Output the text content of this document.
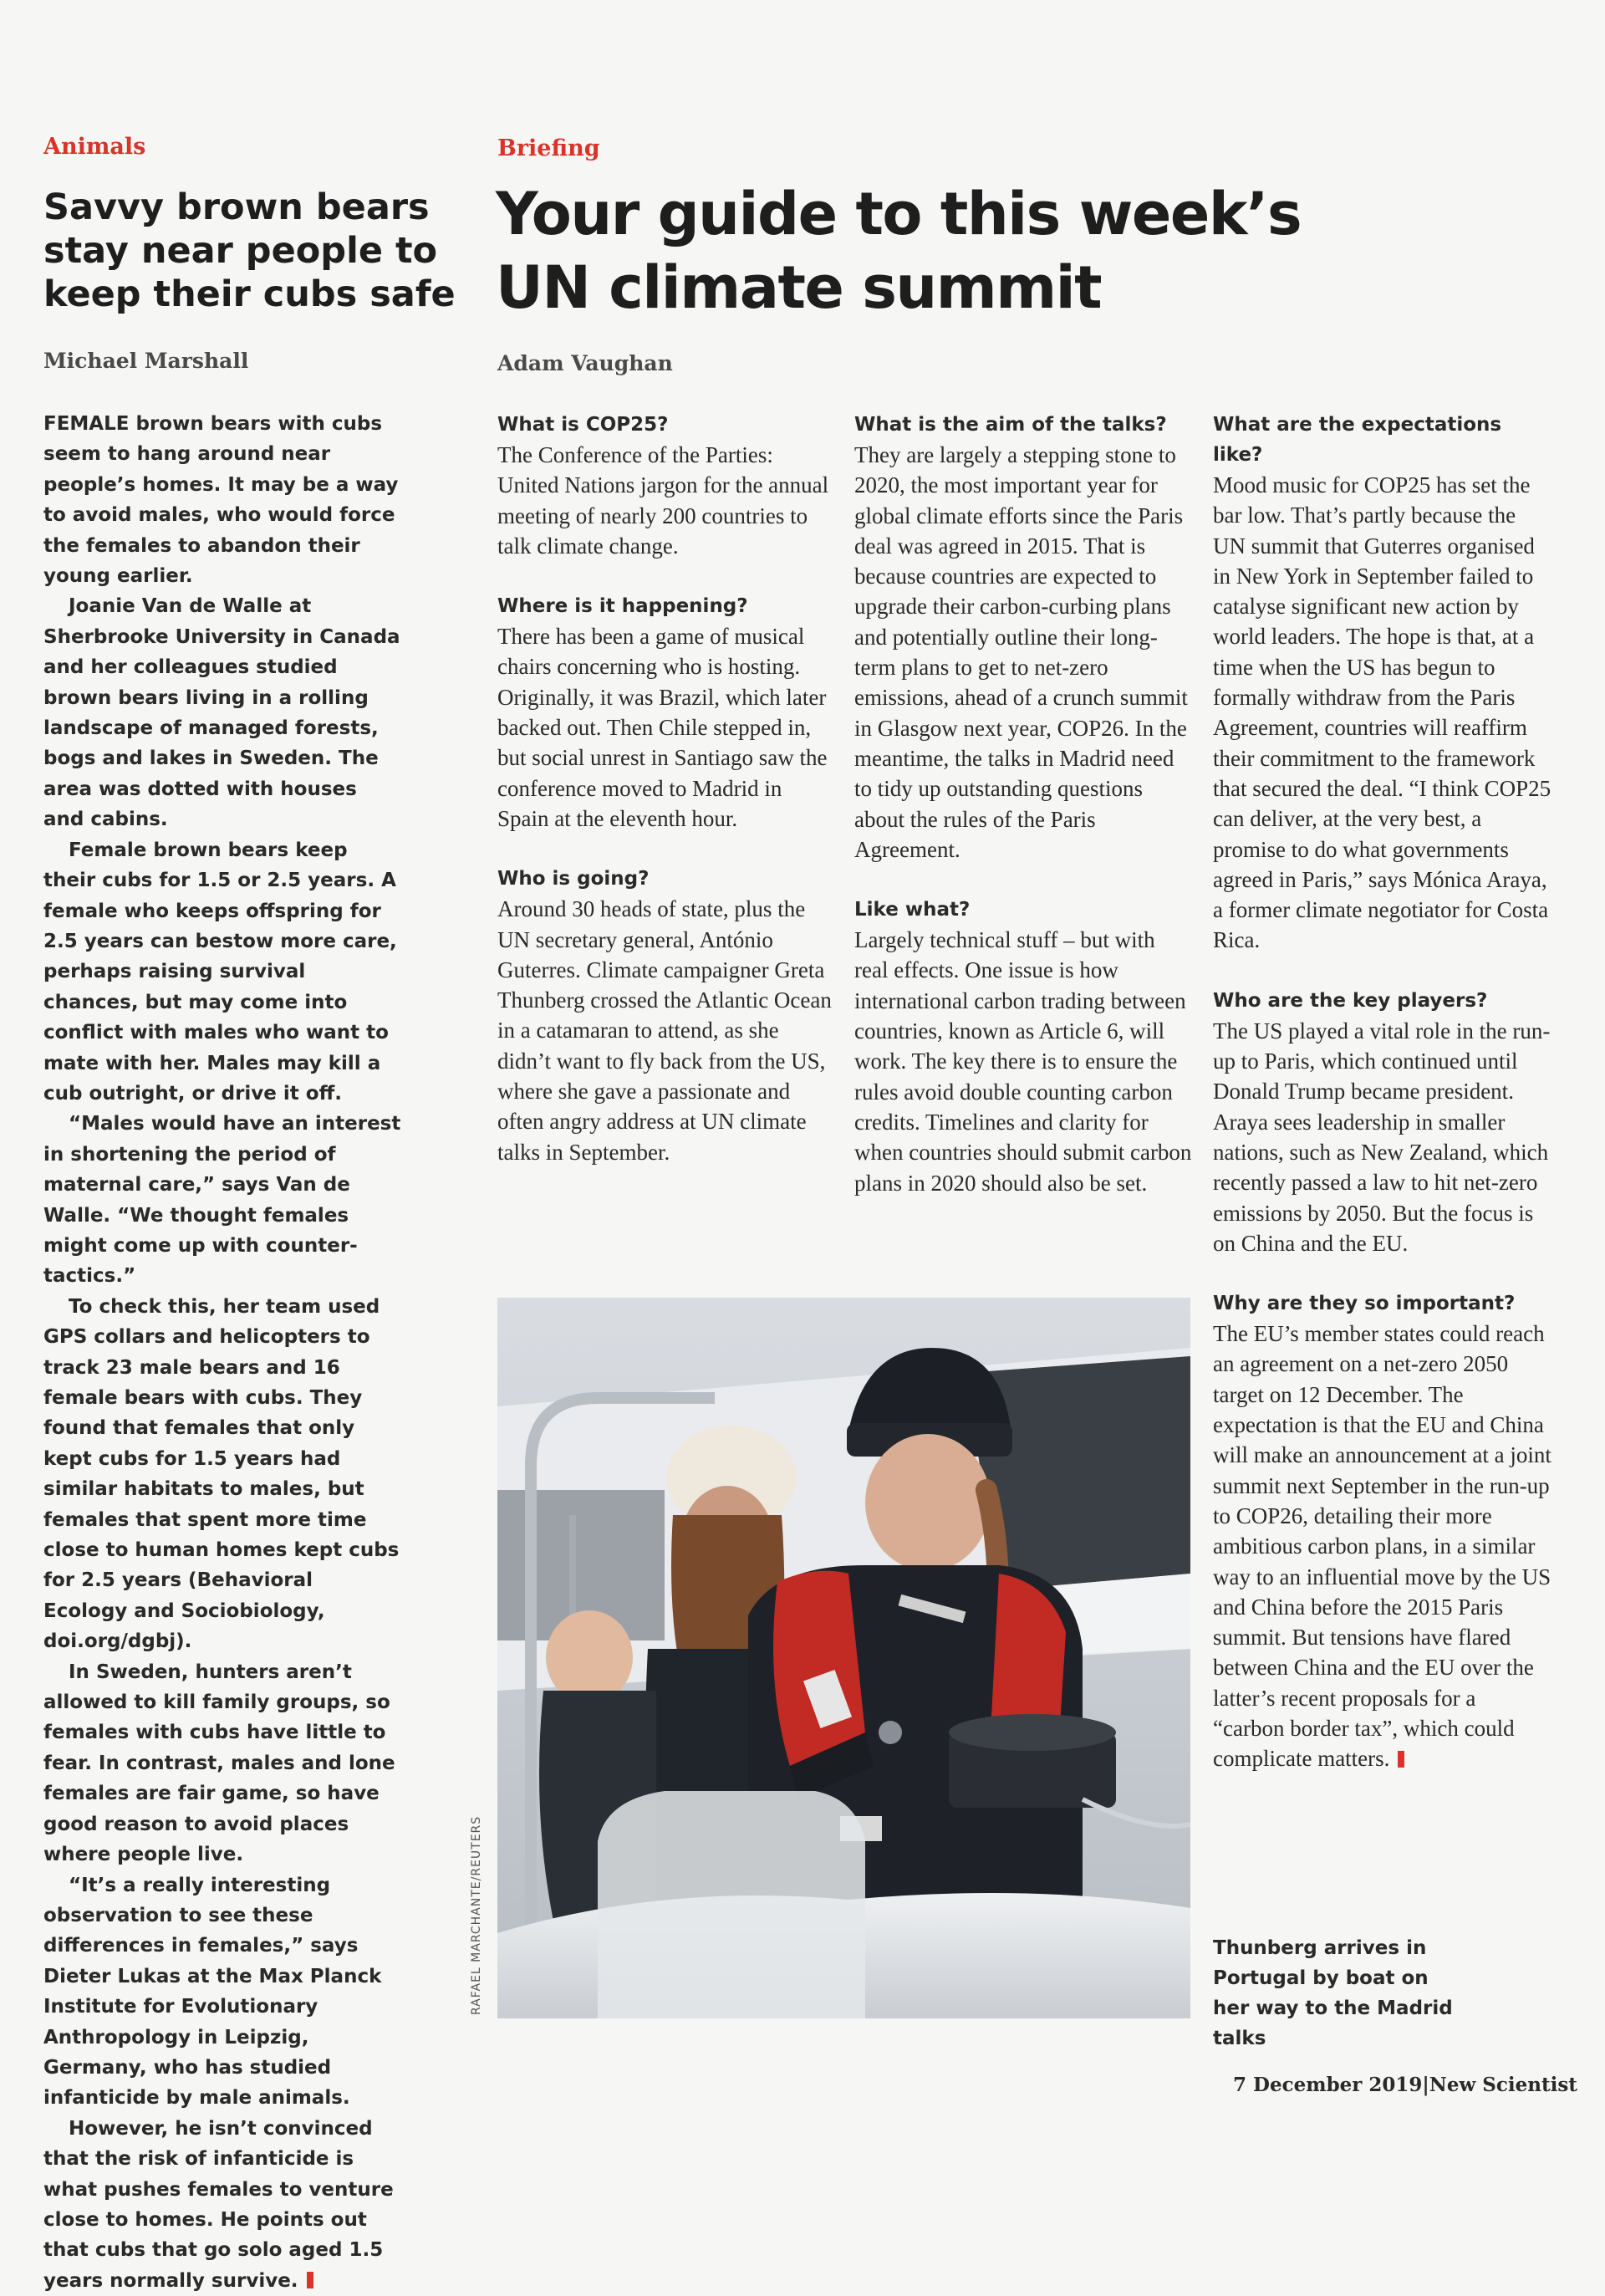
Animals
Savvy brown bears
stay near people to
keep their cubs safe
Michael Marshall

FEMALE brown bears with cubs seem to hang around near people’s homes. It may be a way to avoid males, who would force the females to abandon their young earlier.

Joanie Van de Walle at Sherbrooke University in Canada and her colleagues studied brown bears living in a rolling landscape of managed forests, bogs and lakes in Sweden. The area was dotted with houses and cabins.

Female brown bears keep their cubs for 1.5 or 2.5 years. A female who keeps offspring for 2.5 years can bestow more care, perhaps raising survival chances, but may come into conflict with males who want to mate with her. Males may kill a cub outright, or drive it off.

“Males would have an interest in shortening the period of maternal care,” says Van de Walle. “We thought females might come up with counter-tactics.”

To check this, her team used GPS collars and helicopters to track 23 male bears and 16 female bears with cubs. They found that females that only kept cubs for 1.5 years had similar habitats to males, but females that spent more time close to human homes kept cubs for 2.5 years (Behavioral Ecology and Sociobiology, doi.org/dgbj).

In Sweden, hunters aren’t allowed to kill family groups, so females with cubs have little to fear. In contrast, males and lone females are fair game, so have good reason to avoid places where people live.

“It’s a really interesting observation to see these differences in females,” says Dieter Lukas at the Max Planck Institute for Evolutionary Anthropology in Leipzig, Germany, who has studied infanticide by male animals.

However, he isn’t convinced that the risk of infanticide is what pushes females to venture close to homes. He points out that cubs that go solo aged 1.5 years normally survive.

Briefing
Your guide to this week’s
UN climate summit
Adam Vaughan

What is COP25?

The Conference of the Parties: United Nations jargon for the annual meeting of nearly 200 countries to talk climate change.

Where is it happening?

There has been a game of musical chairs concerning who is hosting. Originally, it was Brazil, which later backed out. Then Chile stepped in, but social unrest in Santiago saw the conference moved to Madrid in Spain at the eleventh hour.

Who is going?

Around 30 heads of state, plus the UN secretary general, António Guterres. Climate campaigner Greta Thunberg crossed the Atlantic Ocean in a catamaran to attend, as she didn’t want to fly back from the US, where she gave a passionate and often angry address at UN climate talks in September.

What is the aim of the talks?

They are largely a stepping stone to 2020, the most important year for global climate efforts since the Paris deal was agreed in 2015. That is because countries are expected to upgrade their carbon-curbing plans and potentially outline their long-term plans to get to net-zero emissions, ahead of a crunch summit in Glasgow next year, COP26. In the meantime, the talks in Madrid need to tidy up outstanding questions about the rules of the Paris Agreement.

Like what?

Largely technical stuff – but with real effects. One issue is how international carbon trading between countries, known as Article 6, will work. The key there is to ensure the rules avoid double counting carbon credits. Timelines and clarity for when countries should submit carbon plans in 2020 should also be set.

What are the expectations like?

Mood music for COP25 has set the bar low. That’s partly because the UN summit that Guterres organised in New York in September failed to catalyse significant new action by world leaders. The hope is that, at a time when the US has begun to formally withdraw from the Paris Agreement, countries will reaffirm their commitment to the framework that secured the deal. “I think COP25 can deliver, at the very best, a promise to do what governments agreed in Paris,” says Mónica Araya, a former climate negotiator for Costa Rica.

Who are the key players?

The US played a vital role in the run-up to Paris, which continued until Donald Trump became president. Araya sees leadership in smaller nations, such as New Zealand, which recently passed a law to hit net-zero emissions by 2050. But the focus is on China and the EU.

Why are they so important?

The EU’s member states could reach an agreement on a net-zero 2050 target on 12 December. The expectation is that the EU and China will make an announcement at a joint summit next September in the run-up to COP26, detailing their more ambitious carbon plans, in a similar way to an influential move by the US and China before the 2015 Paris summit. But tensions have flared between China and the EU over the latter’s recent proposals for a “carbon border tax”, which could complicate matters.

RAFAEL MARCHANTE/REUTERS	Thunberg arrives in Portugal by boat on her way to the Madrid talks
7 December 2019|New Scientist
